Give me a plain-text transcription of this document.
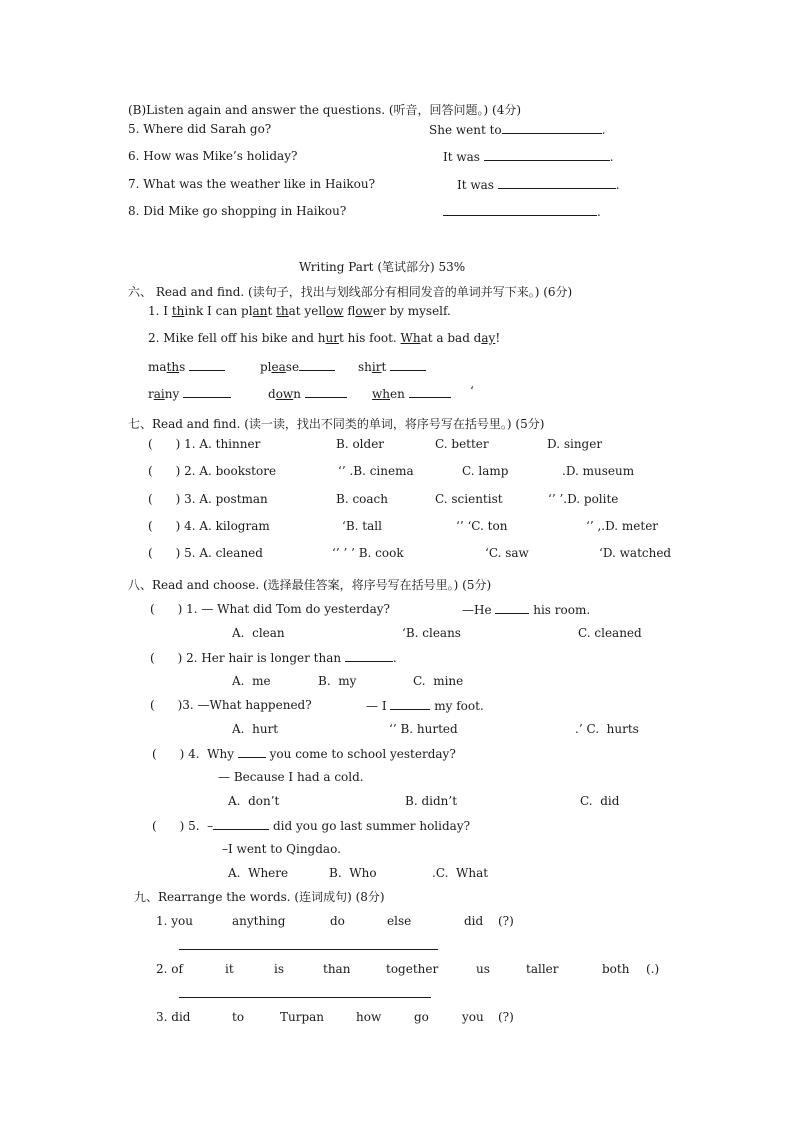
(B)Listen again and answer the questions. (听音，回答问题。) (4分)
5. Where did Sarah go?	She went to	.
6. How was Mike’s holiday?	It was	.
7. What was the weather like in Haikou?	It was	.
8. Did Mike go shopping in Haikou?	.
Writing Part (笔试部分) 53%
六、 Read and find. (读句子，找出与划线部分有相同发音的单词并写下来。) (6分)
1. I think I can plant that yellow flower by myself.
2. Mike fell off his bike and hurt his foot. What a bad day!
maths	please	shirt
rainy	down	when	‘
七、Read and find. (读一读，找出不同类的单词，将序号写在括号里。) (5分)
(      ) 1. A. thinner	B. older	C. better	D. singer
(      ) 2. A. bookstore	‘’ .B. cinema	C. lamp	.D. museum
(      ) 3. A. postman	B. coach	C. scientist	‘’ ’.D. polite
(      ) 4. A. kilogram	‘B. tall	‘’ ‘C. ton	‘’ ,.D. meter
(      ) 5. A. cleaned	‘’ ’ ’ B. cook	‘C. saw	‘D. watched
八、Read and choose. (选择最佳答案，将序号写在括号里。) (5分)
(      ) 1. — What did Tom do yesterday?	—He	his room.
A.  clean	‘B. cleans	C. cleaned
(      ) 2. Her hair is longer than	.
A.  me	B.  my	C.  mine
(      )3. —What happened?	— I	my foot.
A.  hurt	‘’ B. hurted	.’ C.  hurts
(      ) 4.  Why	you come to school yesterday?
— Because I had a cold.
A.  don’t	B. didn’t	C.  did
(      ) 5.  –	did you go last summer holiday?
–I went to Qingdao.
A.  Where	B.  Who	.C.  What
九、Rearrange the words. (连词成句) (8分)
1. you	anything	do	else	did (?)
2. of	it	is	than	together	us	taller	both (.)
3. did	to	Turpan	how	go	you (?)
